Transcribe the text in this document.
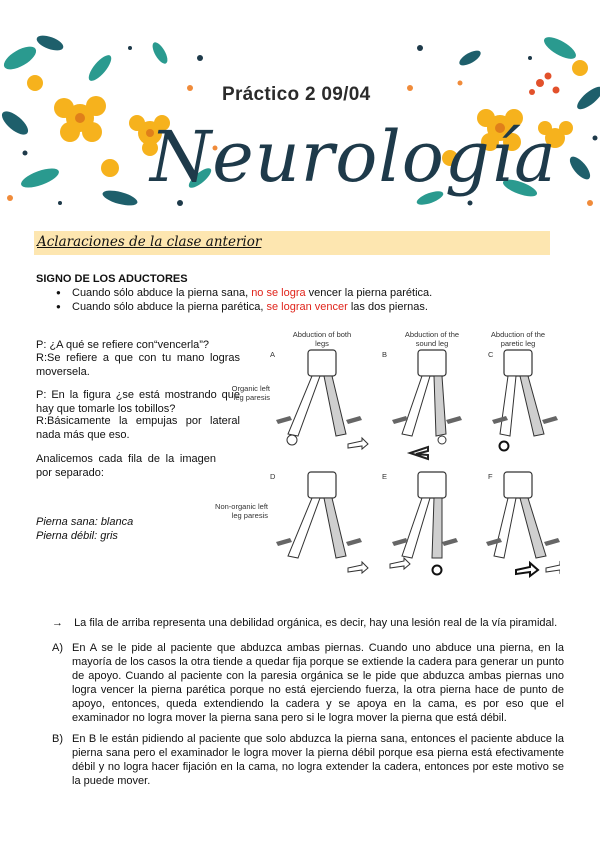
Práctico 2 09/04
Neurología
Aclaraciones de la clase anterior
SIGNO DE LOS ADUCTORES
● Cuando sólo abduce la pierna sana, no se logra vencer la pierna parética.
● Cuando sólo abduce la pierna parética, se logran vencer las dos piernas.

P: ¿A qué se refiere con“vencerla”?

R:Se refiere a que con tu mano logras moverselа.

P: En la figura ¿se está mostrando que hay que tomarle los tobillos?

R:Básicamente la empujas por lateral nada más que eso.

Analicemos cada fila de la imagen por separado:

Pierna sana: blanca
Pierna débil: gris
Abduction of both legs
Abduction of the sound leg
Abduction of the paretic leg
Organic left leg paresis
Non-organic left leg paresis
A	B	C
D	E	F
→ La fila de arriba representa una debilidad orgánica, es decir, hay una lesión real de la vía piramidal.
A) En A se le pide al paciente que abduzca ambas piernas. Cuando uno abduce una pierna, en la mayoría de los casos la otra tiende a quedar fija porque se extiende la cadera para generar un punto de apoyo. Cuando al paciente con la paresia orgánica se le pide que abduzca ambas piernas uno logra vencer la pierna parética porque no está ejerciendo fuerza, la otra pierna hace de punto de apoyo, entonces, queda extendiendo la cadera y se apoya en la cama, es por eso que el examinador no logra mover la pierna sana pero si le logra mover la pierna que está débil.
B) En B le están pidiendo al paciente que solo abduzca la pierna sana, entonces el paciente abduce la pierna sana pero el examinador le logra mover la pierna débil porque esa pierna está efectivamente débil y no logra hacer fijación en la cama, no logra extender la cadera, entonces por este motivo se la puede mover.
